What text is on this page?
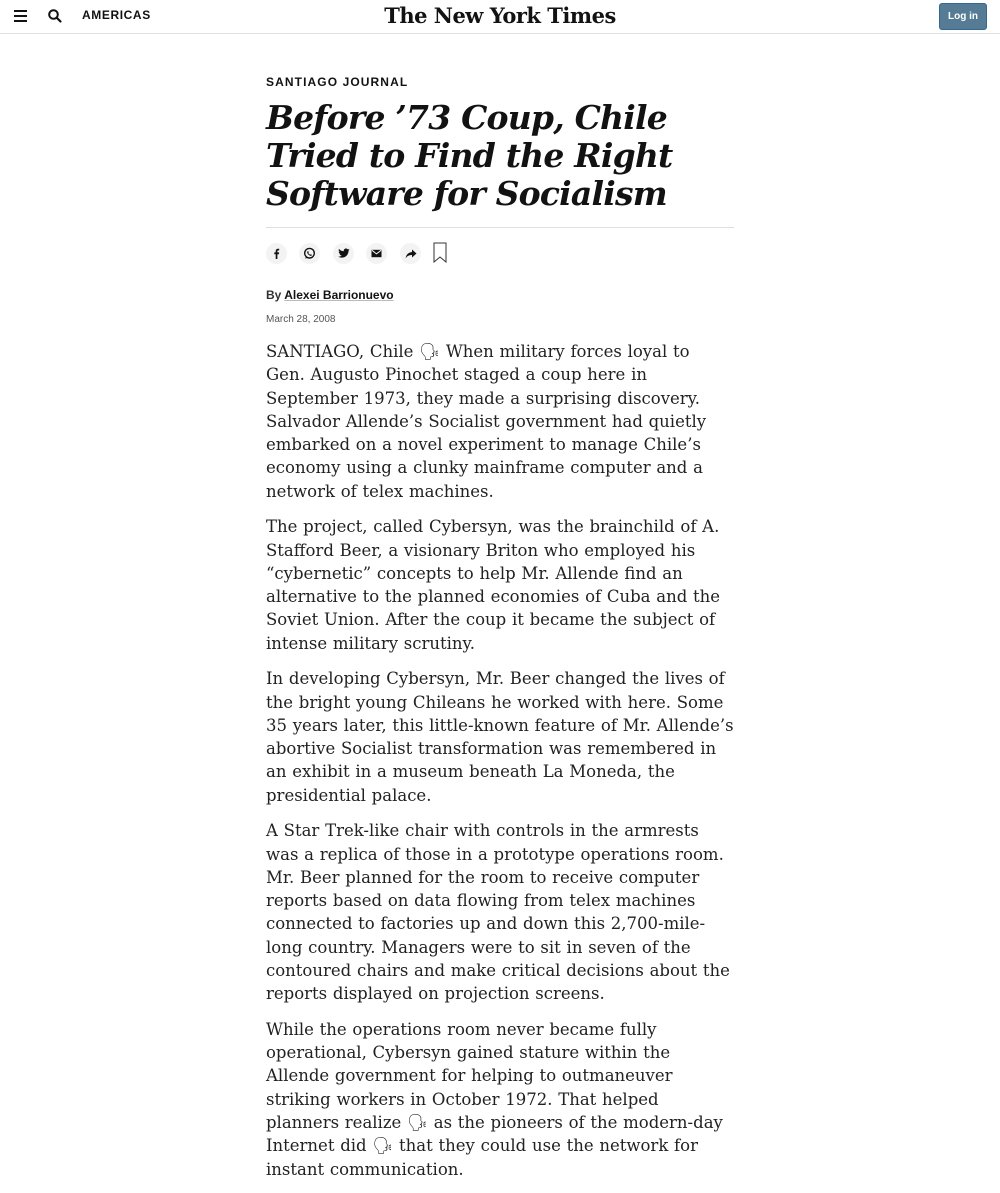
AMERICAS	The New York Times	Log in

SANTIAGO JOURNAL

Before ’73 Coup, Chile Tried to Find the Right Software for Socialism
By Alexei Barrionuevo
March 28, 2008

SANTIAGO, Chile 🗣 When military forces loyal to Gen. Augusto Pinochet staged a coup here in September 1973, they made a surprising discovery. Salvador Allende’s Socialist government had quietly embarked on a novel experiment to manage Chile’s economy using a clunky mainframe computer and a network of telex machines.

The project, called Cybersyn, was the brainchild of A. Stafford Beer, a visionary Briton who employed his “cybernetic” concepts to help Mr. Allende find an alternative to the planned economies of Cuba and the Soviet Union. After the coup it became the subject of intense military scrutiny.

In developing Cybersyn, Mr. Beer changed the lives of the bright young Chileans he worked with here. Some 35 years later, this little-known feature of Mr. Allende’s abortive Socialist transformation was remembered in an exhibit in a museum beneath La Moneda, the presidential palace.

A Star Trek-like chair with controls in the armrests was a replica of those in a prototype operations room. Mr. Beer planned for the room to receive computer reports based on data flowing from telex machines connected to factories up and down this 2,700-mile-long country. Managers were to sit in seven of the contoured chairs and make critical decisions about the reports displayed on projection screens.

While the operations room never became fully operational, Cybersyn gained stature within the Allende government for helping to outmaneuver striking workers in October 1972. That helped planners realize 🗣 as the pioneers of the modern-day Internet did 🗣 that they could use the network for instant communication.
